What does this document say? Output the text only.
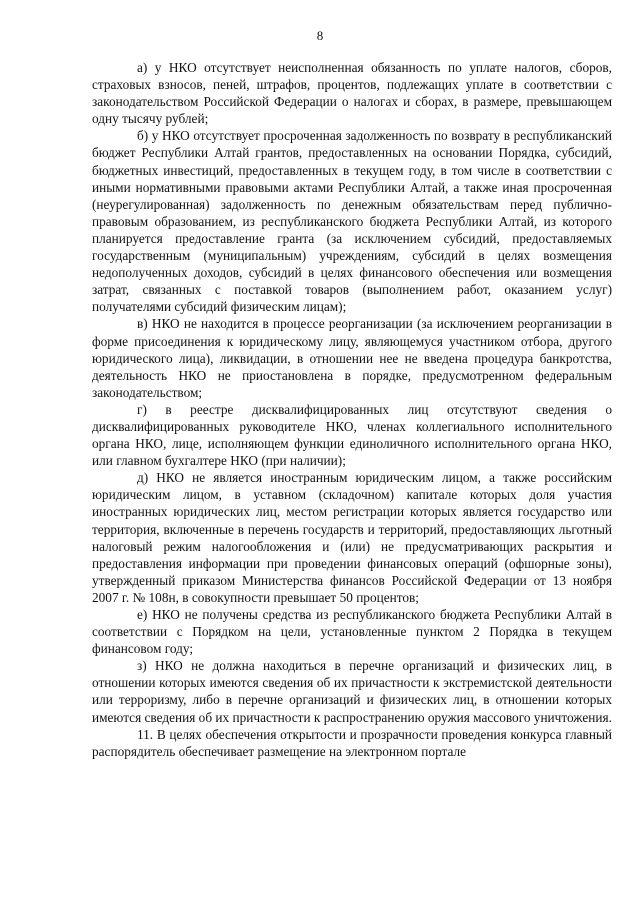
8

а) у НКО отсутствует неисполненная обязанность по уплате налогов, сборов, страховых взносов, пеней, штрафов, процентов, подлежащих уплате в соответствии с законодательством Российской Федерации о налогах и сборах, в размере, превышающем одну тысячу рублей;

б) у НКО отсутствует просроченная задолженность по возврату в республиканский бюджет Республики Алтай грантов, предоставленных на основании Порядка, субсидий, бюджетных инвестиций, предоставленных в текущем году, в том числе в соответствии с иными нормативными правовыми актами Республики Алтай, а также иная просроченная (неурегулированная) задолженность по денежным обязательствам перед публично-правовым образованием, из республиканского бюджета Республики Алтай, из которого планируется предоставление гранта (за исключением субсидий, предоставляемых государственным (муниципальным) учреждениям, субсидий в целях возмещения недополученных доходов, субсидий в целях финансового обеспечения или возмещения затрат, связанных с поставкой товаров (выполнением работ, оказанием услуг) получателями субсидий физическим лицам);

в) НКО не находится в процессе реорганизации (за исключением реорганизации в форме присоединения к юридическому лицу, являющемуся участником отбора, другого юридического лица), ликвидации, в отношении нее не введена процедура банкротства, деятельность НКО не приостановлена в порядке, предусмотренном федеральным законодательством;

г) в реестре дисквалифицированных лиц отсутствуют сведения о дисквалифицированных руководителе НКО, членах коллегиального исполнительного органа НКО, лице, исполняющем функции единоличного исполнительного органа НКО, или главном бухгалтере НКО (при наличии);

д) НКО не является иностранным юридическим лицом, а также российским юридическим лицом, в уставном (складочном) капитале которых доля участия иностранных юридических лиц, местом регистрации которых является государство или территория, включенные в перечень государств и территорий, предоставляющих льготный налоговый режим налогообложения и (или) не предусматривающих раскрытия и предоставления информации при проведении финансовых операций (офшорные зоны), утвержденный приказом Министерства финансов Российской Федерации от 13 ноября 2007 г. № 108н, в совокупности превышает 50 процентов;

е) НКО не получены средства из республиканского бюджета Республики Алтай в соответствии с Порядком на цели, установленные пунктом 2 Порядка в текущем финансовом году;

з) НКО не должна находиться в перечне организаций и физических лиц, в отношении которых имеются сведения об их причастности к экстремистской деятельности или терроризму, либо в перечне организаций и физических лиц, в отношении которых имеются сведения об их причастности к распространению оружия массового уничтожения.

11. В целях обеспечения открытости и прозрачности проведения конкурса главный распорядитель обеспечивает размещение на электронном портале
